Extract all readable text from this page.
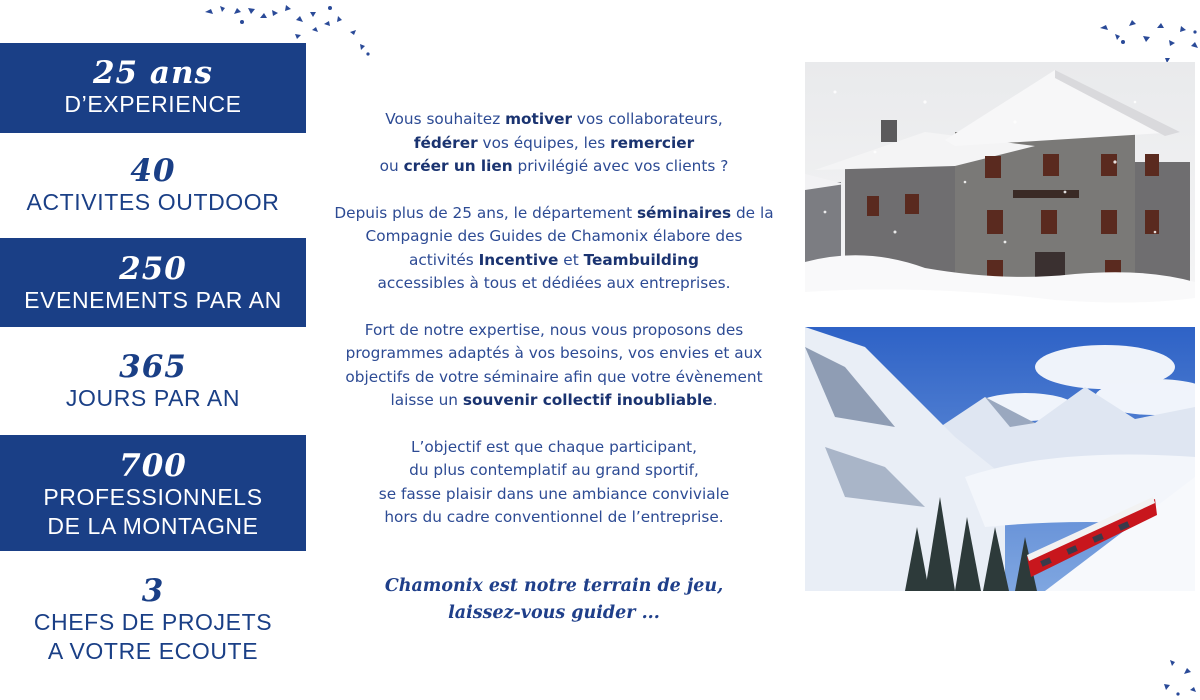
25 ans
D’EXPERIENCE
40
ACTIVITES OUTDOOR
250
EVENEMENTS PAR AN
365
JOURS PAR AN
700
PROFESSIONNELS
DE LA MONTAGNE
3
CHEFS DE PROJETS
A VOTRE ECOUTE

Vous souhaitez motiver vos collaborateurs,
fédérer vos équipes, les remercier
ou créer un lien privilégié avec vos clients ?

Depuis plus de 25 ans, le département séminaires de la
Compagnie des Guides de Chamonix élabore des
activités Incentive et Teambuilding
accessibles à tous et dédiées aux entreprises.

Fort de notre expertise, nous vous proposons des
programmes adaptés à vos besoins, vos envies et aux
objectifs de votre séminaire afin que votre évènement
laisse un souvenir collectif inoubliable.

L’objectif est que chaque participant,
du plus contemplatif au grand sportif,
se fasse plaisir dans une ambiance conviviale
hors du cadre conventionnel de l’entreprise.

Chamonix est notre terrain de jeu,
laissez-vous guider ...
